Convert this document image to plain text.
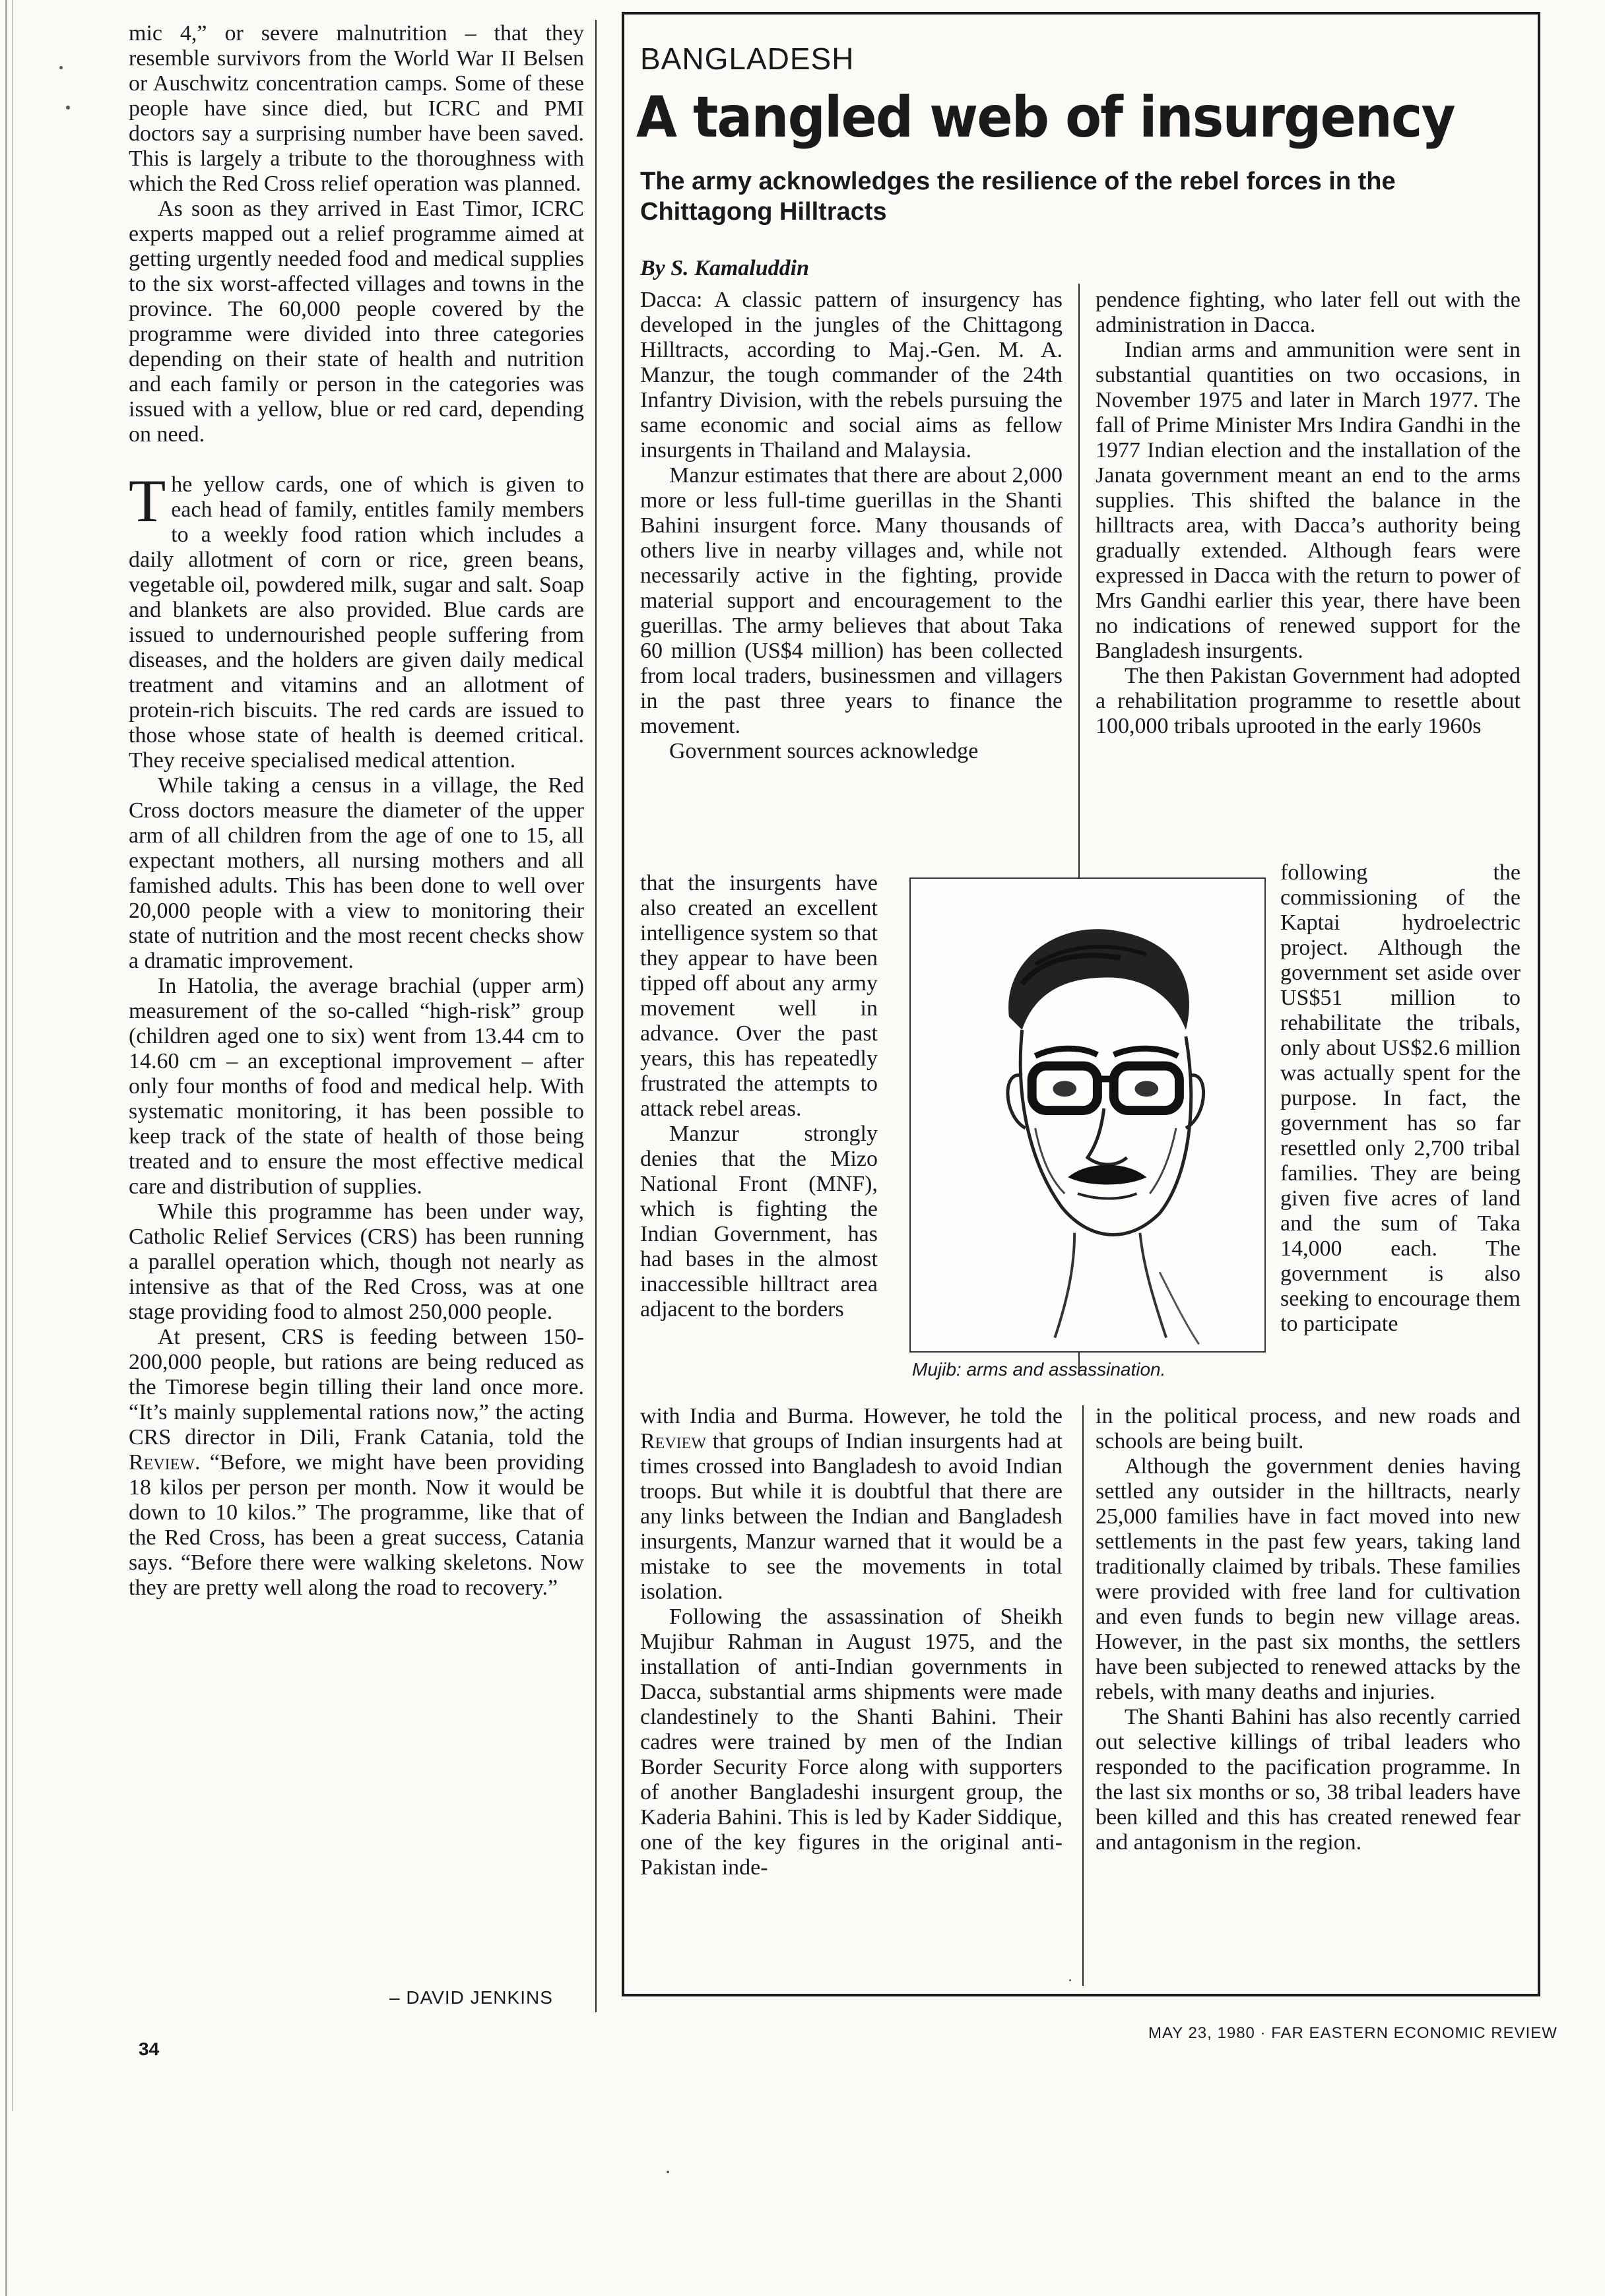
mic 4,” or severe malnutrition – that they resemble survivors from the World War II Belsen or Auschwitz concentration camps. Some of these people have since died, but ICRC and PMI doctors say a surprising number have been saved. This is largely a tribute to the thoroughness with which the Red Cross relief operation was planned.

As soon as they arrived in East Timor, ICRC experts mapped out a relief programme aimed at getting urgently needed food and medical supplies to the six worst-affected villages and towns in the province. The 60,000 people covered by the programme were divided into three categories depending on their state of health and nutrition and each family or person in the categories was issued with a yellow, blue or red card, depending on need.

The yellow cards, one of which is given to each head of family, entitles family members to a weekly food ration which includes a daily allotment of corn or rice, green beans, vegetable oil, powdered milk, sugar and salt. Soap and blankets are also provided. Blue cards are issued to undernourished people suffering from diseases, and the holders are given daily medical treatment and vitamins and an allotment of protein-rich biscuits. The red cards are issued to those whose state of health is deemed critical. They receive specialised medical attention.

While taking a census in a village, the Red Cross doctors measure the diameter of the upper arm of all children from the age of one to 15, all expectant mothers, all nursing mothers and all famished adults. This has been done to well over 20,000 people with a view to monitoring their state of nutrition and the most recent checks show a dramatic improvement.

In Hatolia, the average brachial (upper arm) measurement of the so-called “high-risk” group (children aged one to six) went from 13.44 cm to 14.60 cm – an exceptional improvement – after only four months of food and medical help. With systematic monitoring, it has been possible to keep track of the state of health of those being treated and to ensure the most effective medical care and distribution of supplies.

While this programme has been under way, Catholic Relief Services (CRS) has been running a parallel operation which, though not nearly as intensive as that of the Red Cross, was at one stage providing food to almost 250,000 people.

At present, CRS is feeding between 150-200,000 people, but rations are being reduced as the Timorese begin tilling their land once more. “It’s mainly supplemental rations now,” the acting CRS director in Dili, Frank Catania, told the Review. “Before, we might have been providing 18 kilos per person per month. Now it would be down to 10 kilos.” The programme, like that of the Red Cross, has been a great success, Catania says. “Before there were walking skeletons. Now they are pretty well along the road to recovery.”

– DAVID JENKINS
BANGLADESH
A tangled web of insurgency
The army acknowledges the resilience of the rebel forces in the Chittagong Hilltracts
By S. Kamaluddin

Dacca: A classic pattern of insurgency has developed in the jungles of the Chittagong Hilltracts, according to Maj.-Gen. M. A. Manzur, the tough commander of the 24th Infantry Division, with the rebels pursuing the same economic and social aims as fellow insurgents in Thailand and Malaysia.

Manzur estimates that there are about 2,000 more or less full-time guerillas in the Shanti Bahini insurgent force. Many thousands of others live in nearby villages and, while not necessarily active in the fighting, provide material support and encouragement to the guerillas. The army believes that about Taka 60 million (US$4 million) has been collected from local traders, businessmen and villagers in the past three years to finance the movement.

Government sources acknowledge

that the insurgents have also created an excellent intelligence system so that they appear to have been tipped off about any army movement well in advance. Over the past years, this has repeatedly frustrated the attempts to attack rebel areas.

Manzur strongly denies that the Mizo National Front (MNF), which is fighting the Indian Government, has had bases in the almost inaccessible hilltract area adjacent to the borders

with India and Burma. However, he told the Review that groups of Indian insurgents had at times crossed into Bangladesh to avoid Indian troops. But while it is doubtful that there are any links between the Indian and Bangladesh insurgents, Manzur warned that it would be a mistake to see the movements in total isolation.

Following the assassination of Sheikh Mujibur Rahman in August 1975, and the installation of anti-Indian governments in Dacca, substantial arms shipments were made clandestinely to the Shanti Bahini. Their cadres were trained by men of the Indian Border Security Force along with supporters of another Bangladeshi insurgent group, the Kaderia Bahini. This is led by Kader Siddique, one of the key figures in the original anti-Pakistan inde-

pendence fighting, who later fell out with the administration in Dacca.

Indian arms and ammunition were sent in substantial quantities on two occasions, in November 1975 and later in March 1977. The fall of Prime Minister Mrs Indira Gandhi in the 1977 Indian election and the installation of the Janata government meant an end to the arms supplies. This shifted the balance in the hilltracts area, with Dacca’s authority being gradually extended. Although fears were expressed in Dacca with the return to power of Mrs Gandhi earlier this year, there have been no indications of renewed support for the Bangladesh insurgents.

The then Pakistan Government had adopted a rehabilitation programme to resettle about 100,000 tribals uprooted in the early 1960s

following the commissioning of the Kaptai hydroelectric project. Although the government set aside over US$51 million to rehabilitate the tribals, only about US$2.6 million was actually spent for the purpose. In fact, the government has so far resettled only 2,700 tribal families. They are being given five acres of land and the sum of Taka 14,000 each. The government is also seeking to encourage them to participate

in the political process, and new roads and schools are being built.

Although the government denies having settled any outsider in the hilltracts, nearly 25,000 families have in fact moved into new settlements in the past few years, taking land traditionally claimed by tribals. These families were provided with free land for cultivation and even funds to begin new village areas. However, in the past six months, the settlers have been subjected to renewed attacks by the rebels, with many deaths and injuries.

The Shanti Bahini has also recently carried out selective killings of tribal leaders who responded to the pacification programme. In the last six months or so, 38 tribal leaders have been killed and this has created renewed fear and antagonism in the region.

Mujib: arms and assassination.
34
MAY 23, 1980 · FAR EASTERN ECONOMIC REVIEW
